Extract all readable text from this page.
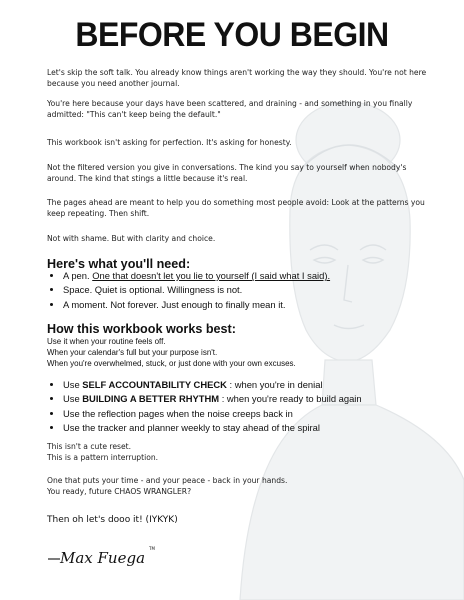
BEFORE YOU BEGIN

Let's skip the soft talk. You already know things aren't working the way they should. You're not here because you need another journal.

You're here because your days have been scattered, and draining - and something in you finally admitted: "This can't keep being the default."

This workbook isn't asking for perfection. It's asking for honesty.

Not the filtered version you give in conversations. The kind you say to yourself when nobody's around. The kind that stings a little because it's real.

The pages ahead are meant to help you do something most people avoid: Look at the patterns you keep repeating. Then shift.

Not with shame. But with clarity and choice.

Here's what you'll need:
• A pen. One that doesn't let you lie to yourself (I said what I said).
• Space. Quiet is optional. Willingness is not.
• A moment. Not forever. Just enough to finally mean it.
How this workbook works best:

Use it when your routine feels off.

When your calendar's full but your purpose isn't.

When you're overwhelmed, stuck, or just done with your own excuses.

• Use SELF ACCOUNTABILITY CHECK : when you're in denial
• Use BUILDING A BETTER RHYTHM : when you're ready to build again
• Use the reflection pages when the noise creeps back in
• Use the tracker and planner weekly to stay ahead of the spiral

This isn't a cute reset.

This is a pattern interruption.

One that puts your time - and your peace - back in your hands.

You ready, future CHAOS WRANGLER?

Then oh let's dooo it! (IYKYK)

Max Fuega
TM
